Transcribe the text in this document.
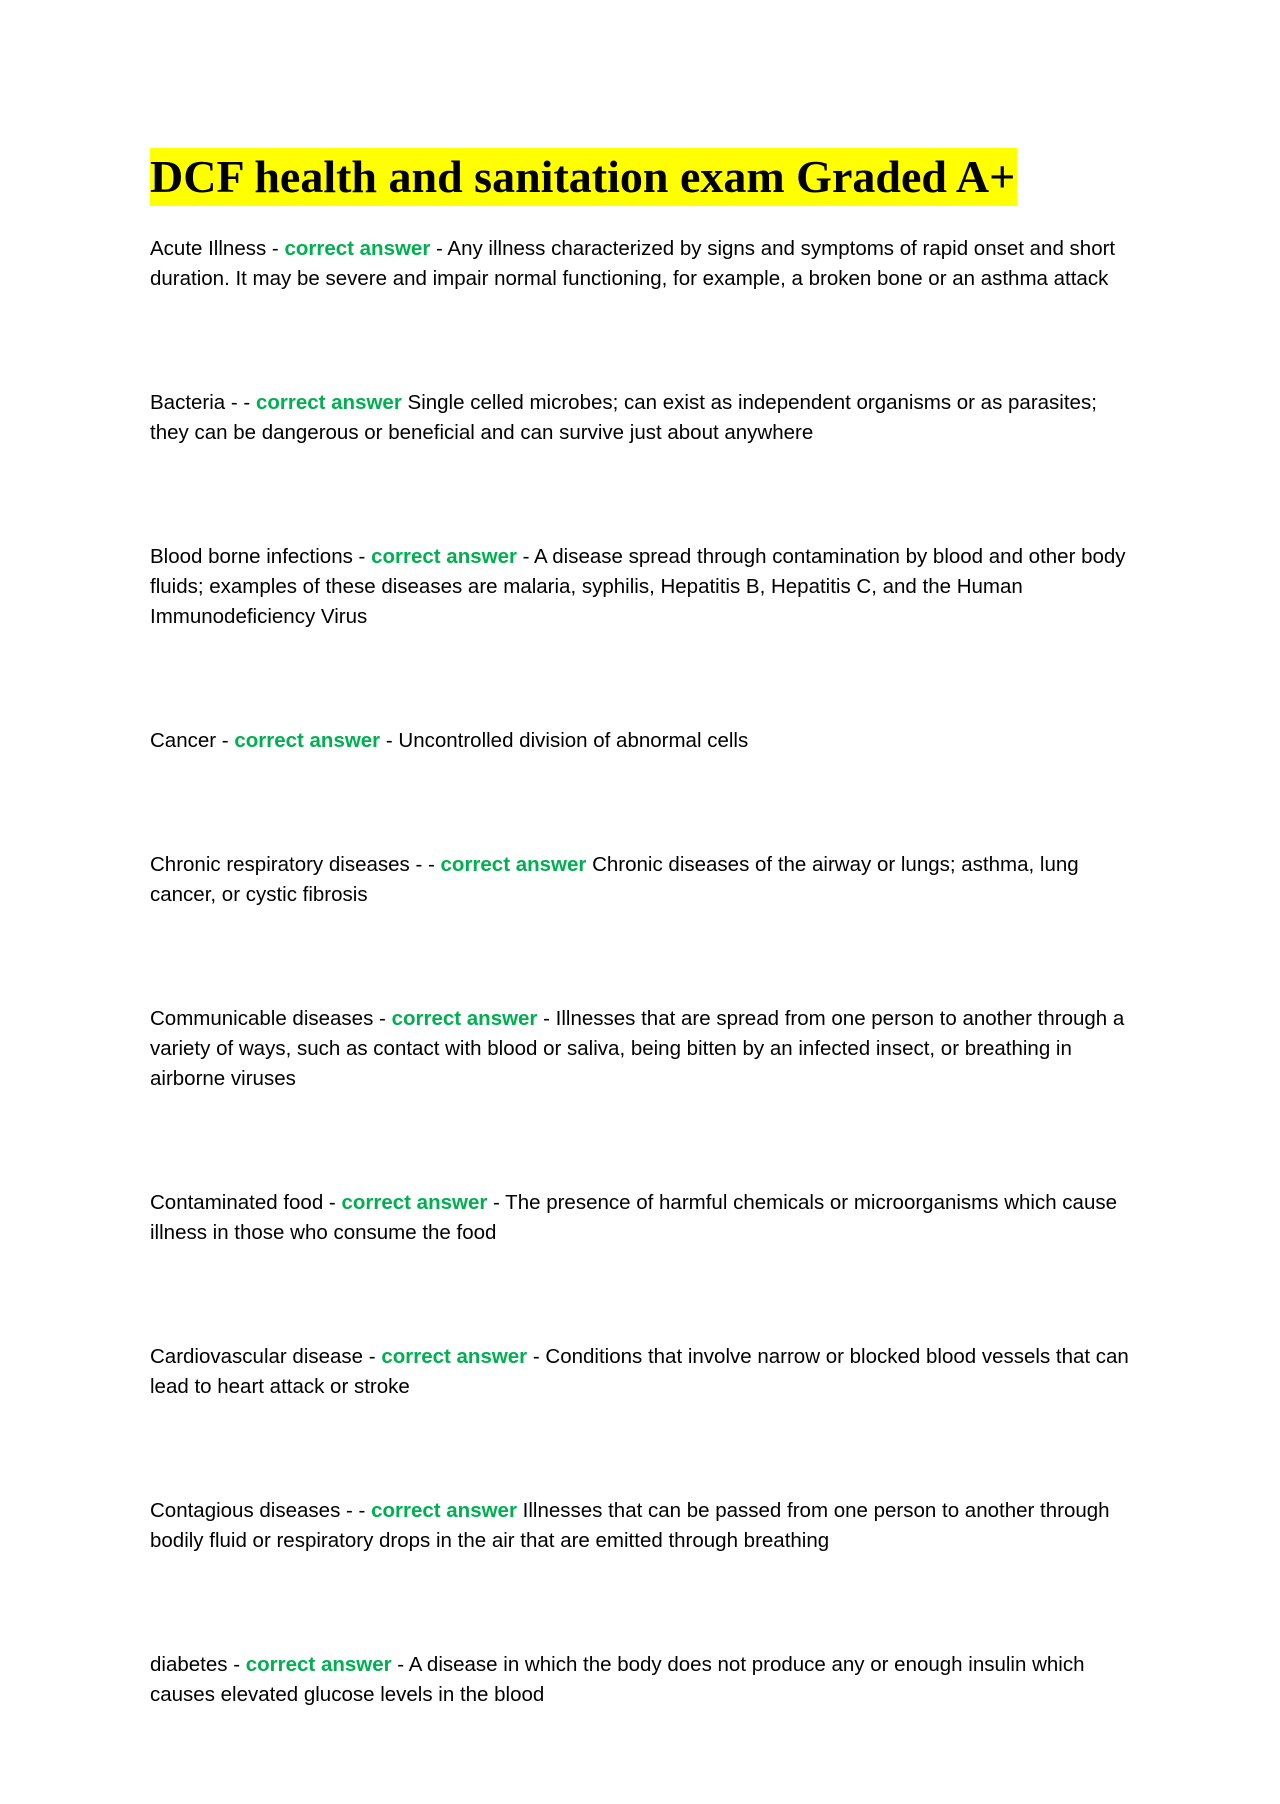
DCF health and sanitation exam Graded A+

Acute Illness - correct answer - Any illness characterized by signs and symptoms of rapid onset and short duration. It may be severe and impair normal functioning, for example, a broken bone or an asthma attack

Bacteria - - correct answer Single celled microbes; can exist as independent organisms or as parasites; they can be dangerous or beneficial and can survive just about anywhere

Blood borne infections - correct answer - A disease spread through contamination by blood and other body fluids; examples of these diseases are malaria, syphilis, Hepatitis B, Hepatitis C, and the Human Immunodeficiency Virus

Cancer - correct answer - Uncontrolled division of abnormal cells

Chronic respiratory diseases - - correct answer Chronic diseases of the airway or lungs; asthma, lung cancer, or cystic fibrosis

Communicable diseases - correct answer - Illnesses that are spread from one person to another through a variety of ways, such as contact with blood or saliva, being bitten by an infected insect, or breathing in airborne viruses

Contaminated food - correct answer - The presence of harmful chemicals or microorganisms which cause illness in those who consume the food

Cardiovascular disease - correct answer - Conditions that involve narrow or blocked blood vessels that can lead to heart attack or stroke

Contagious diseases - - correct answer Illnesses that can be passed from one person to another through bodily fluid or respiratory drops in the air that are emitted through breathing

diabetes - correct answer - A disease in which the body does not produce any or enough insulin which causes elevated glucose levels in the blood
